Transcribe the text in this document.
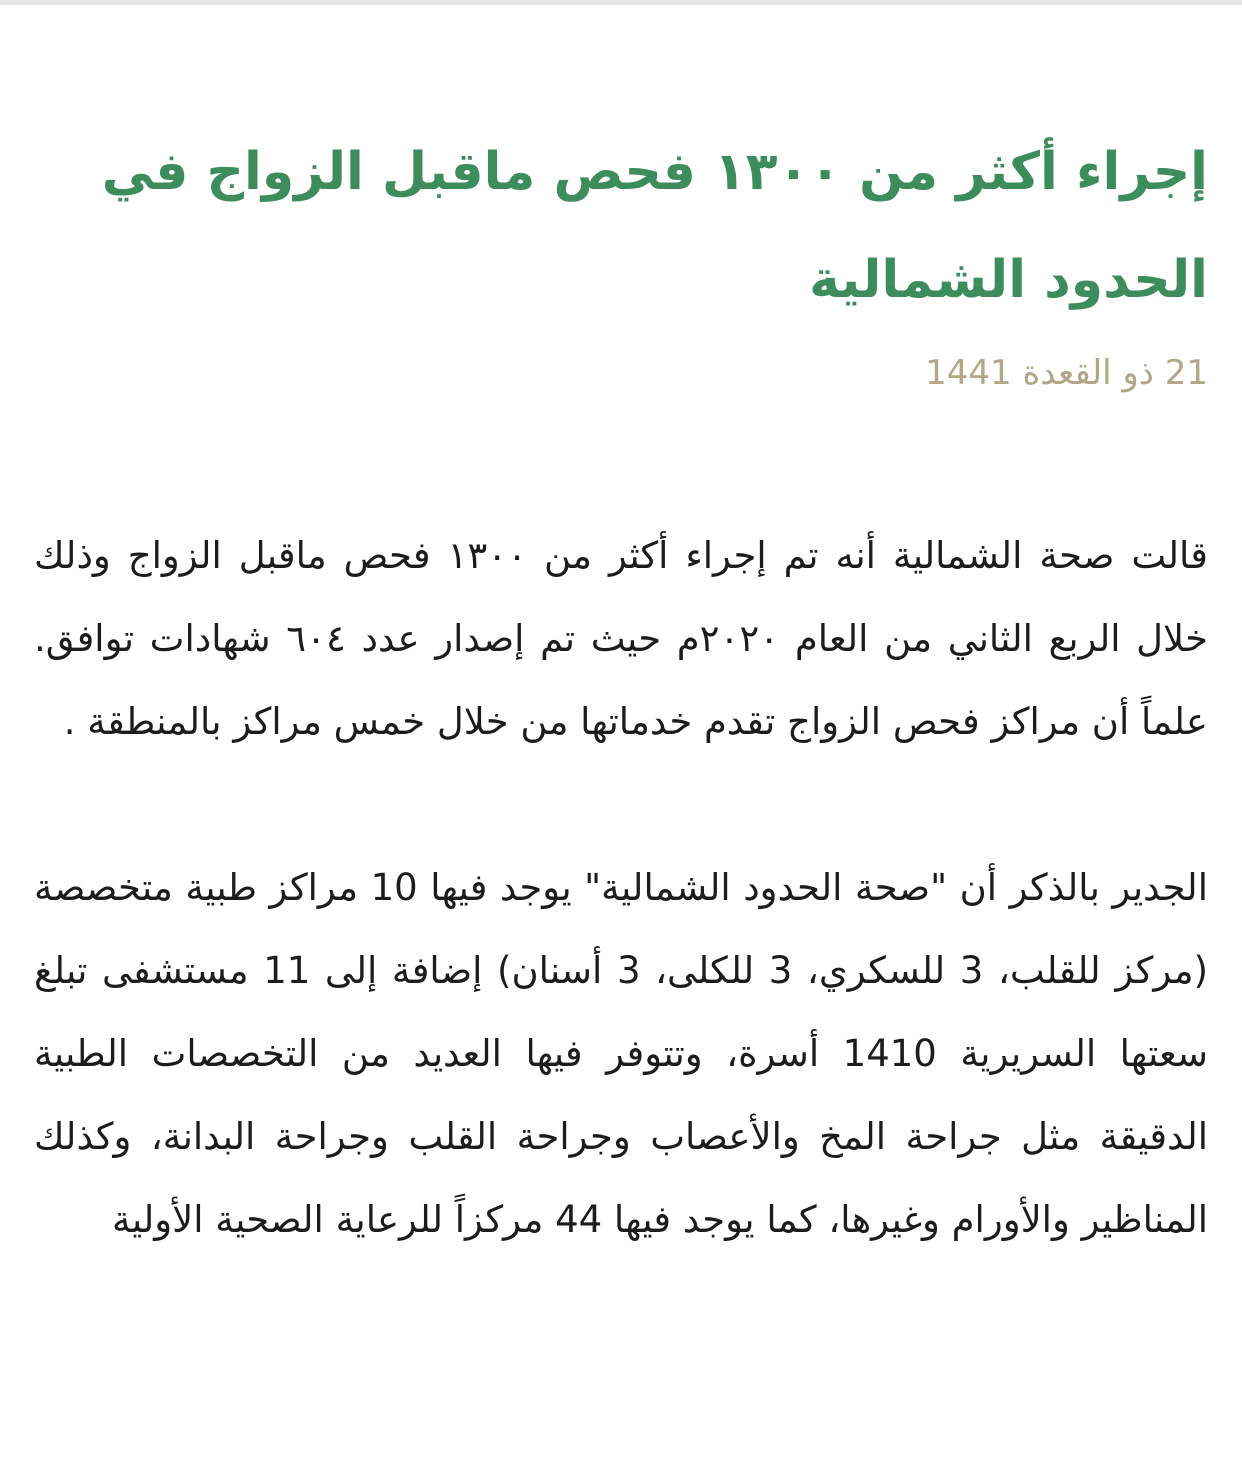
إجراء أكثر من ١٣٠٠ فحص ماقبل الزواج في الحدود الشمالية
21 ذو القعدة 1441

قالت صحة الشمالية أنه تم إجراء أكثر من ١٣٠٠ فحص ماقبل الزواج وذلك خلال الربع الثاني من العام ٢٠٢٠م حيث تم إصدار عدد ٦٠٤ شهادات توافق. علماً أن مراكز فحص الزواج تقدم خدماتها من خلال خمس مراكز بالمنطقة .

الجدير بالذكر أن "صحة الحدود الشمالية" يوجد فيها 10 مراكز طبية متخصصة (مركز للقلب، 3 للسكري، 3 للكلى، 3 أسنان) إضافة إلى 11 مستشفى تبلغ سعتها السريرية 1410 أسرة، وتتوفر فيها العديد من التخصصات الطبية الدقيقة مثل جراحة المخ والأعصاب وجراحة القلب وجراحة البدانة، وكذلك المناظير والأورام وغيرها، كما يوجد فيها 44 مركزاً للرعاية الصحية الأولية
